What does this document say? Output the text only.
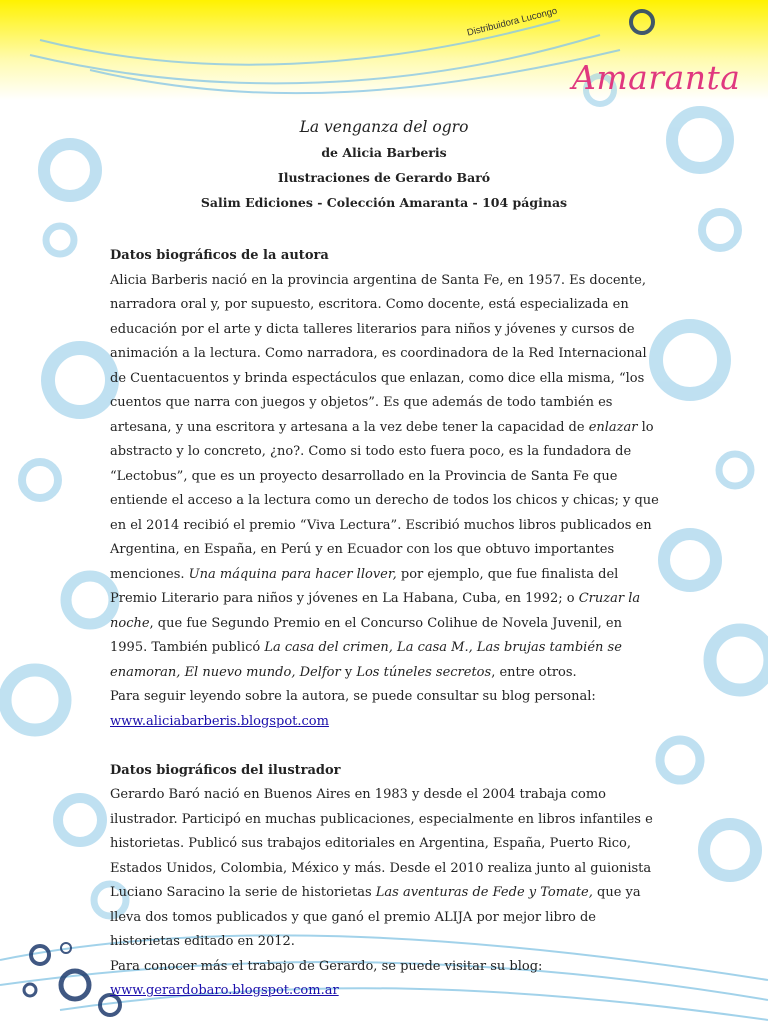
Distribuidora Lucongo
Amaranta
La venganza del ogro
de Alicia Barberis
Ilustraciones de Gerardo Baró
Salim Ediciones - Colección Amaranta - 104 páginas

Datos biográficos de la autora

Alicia Barberis nació en la provincia argentina de Santa Fe, en 1957. Es docente, narradora oral y, por supuesto, escritora. Como docente, está especializada en educación por el arte y dicta talleres literarios para niños y jóvenes y cursos de animación a la lectura. Como narradora, es coordinadora de la Red Internacional de Cuentacuentos y brinda espectáculos que enlazan, como dice ella misma, “los cuentos que narra con juegos y objetos”. Es que además de todo también es artesana, y una escritora y artesana a la vez debe tener la capacidad de enlazar lo abstracto y lo concreto, ¿no?. Como si todo esto fuera poco, es la fundadora de “Lectobus”, que es un proyecto desarrollado en la Provincia de Santa Fe que entiende el acceso a la lectura como un derecho de todos los chicos y chicas; y que en el 2014 recibió el premio “Viva Lectura”. Escribió muchos libros publicados en Argentina, en España, en Perú y en Ecuador con los que obtuvo importantes menciones. Una máquina para hacer llover, por ejemplo, que fue finalista del Premio Literario para niños y jóvenes en La Habana, Cuba, en 1992; o Cruzar la noche, que fue Segundo Premio en el Concurso Colihue de Novela Juvenil, en 1995. También publicó La casa del crimen, La casa M., Las brujas también se enamoran, El nuevo mundo, Delfor y Los túneles secretos, entre otros.

Para seguir leyendo sobre la autora, se puede consultar su blog personal:

www.aliciabarberis.blogspot.com

Datos biográficos del ilustrador

Gerardo Baró nació en Buenos Aires en 1983 y desde el 2004 trabaja como ilustrador. Participó en muchas publicaciones, especialmente en libros infantiles e historietas. Publicó sus trabajos editoriales en Argentina, España, Puerto Rico, Estados Unidos, Colombia, México y más. Desde el 2010 realiza junto al guionista Luciano Saracino la serie de historietas Las aventuras de Fede y Tomate, que ya lleva dos tomos publicados y que ganó el premio ALIJA por mejor libro de historietas editado en 2012.

Para conocer más el trabajo de Gerardo, se puede visitar su blog:

www.gerardobaro.blogspot.com.ar
